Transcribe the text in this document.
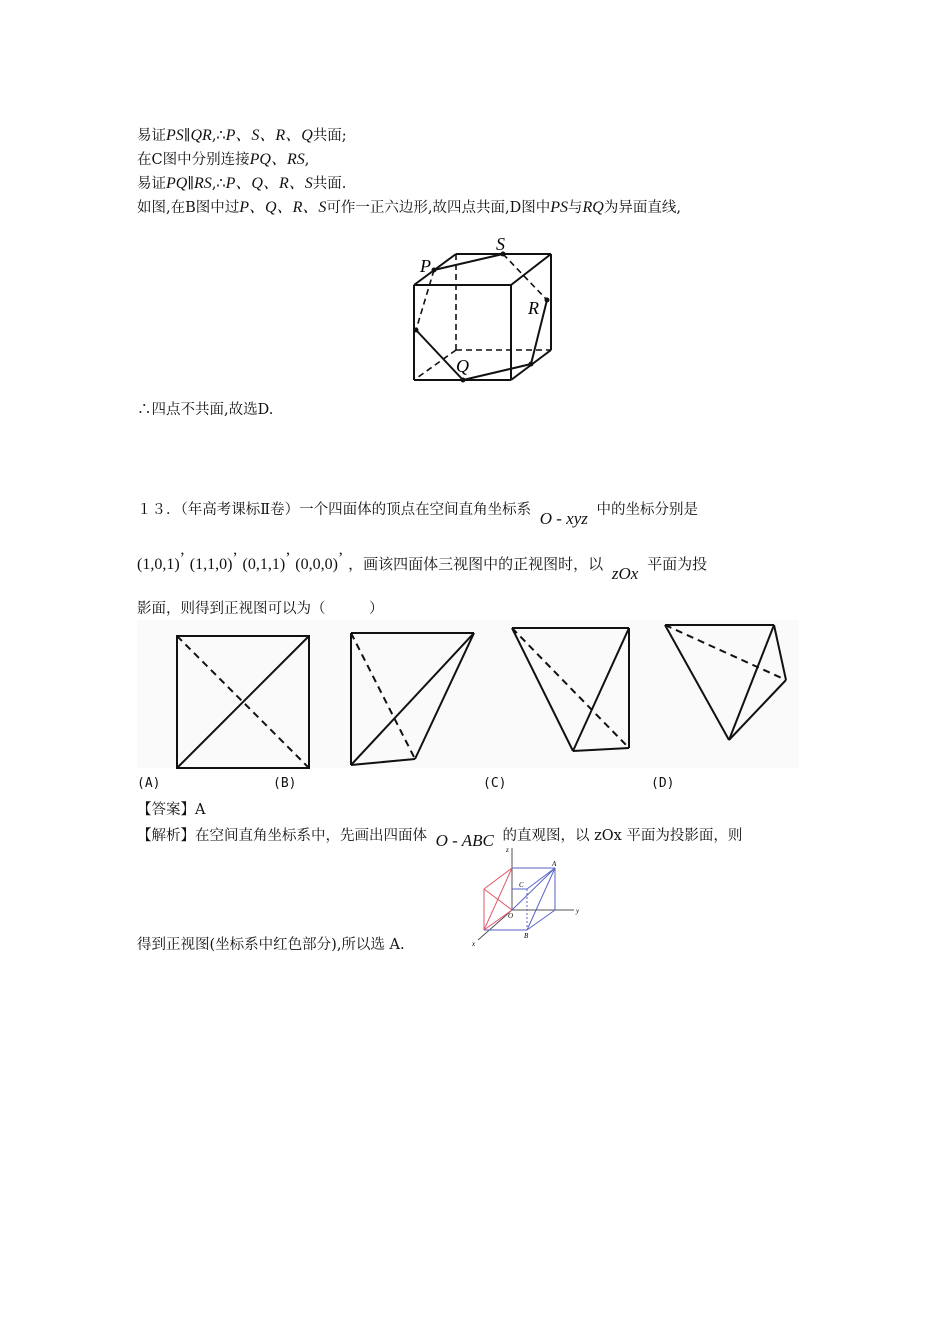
易证PS∥QR,∴P、S、R、Q共面;
在C图中分别连接PQ、RS,
易证PQ∥RS,∴P、Q、R、S共面.
如图,在B图中过P、Q、R、S可作一正六边形,故四点共面,D图中PS与RQ为异面直线,
P
S
R
Q
∴四点不共面,故选D.
１３．（年高考课标Ⅱ卷）一个四面体的顶点在空间直角坐标系 O - xyz 中的坐标分别是
(1,0,1)’ (1,1,0)’ (0,1,1)’ (0,0,0)’ ，画该四面体三视图中的正视图时，以 zOx 平面为投
影面，则得到正视图可以为（　　　）
(A)	(B)	(C)	(D)
【答案】A
【解析】在空间直角坐标系中，先画出四面体 O - ABC 的直观图，以 zOx 平面为投影面，则
z
y
x
A
B
C
O
得到正视图(坐标系中红色部分),所以选 A.
